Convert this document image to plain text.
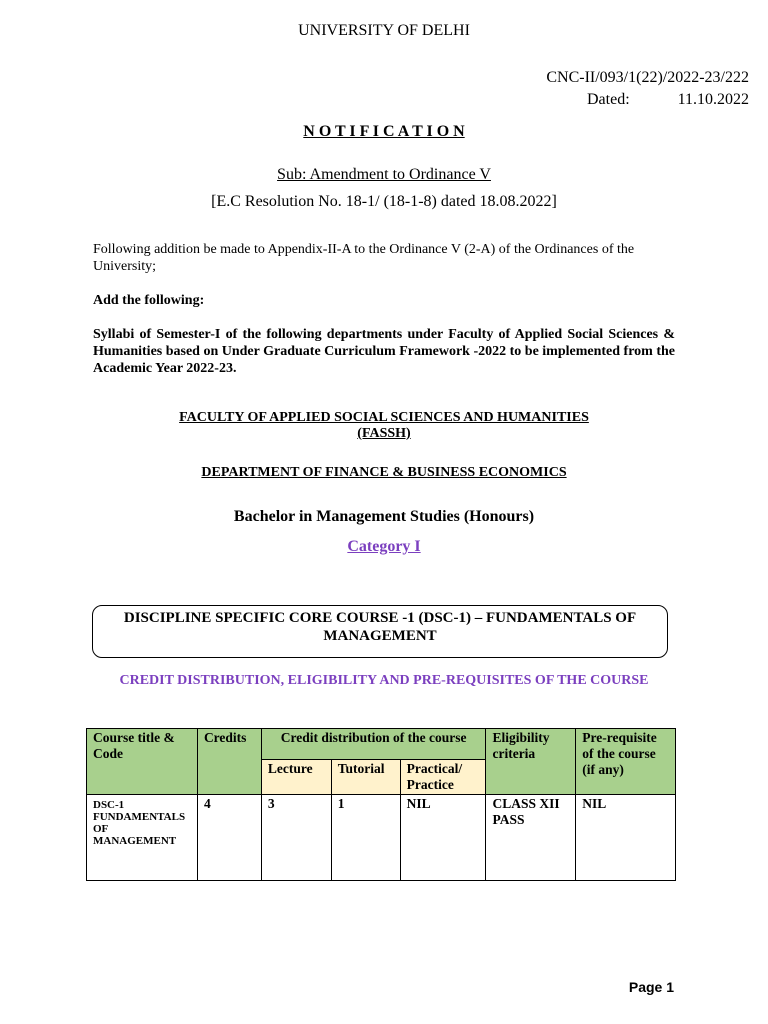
UNIVERSITY OF DELHI
CNC-II/093/1(22)/2022-23/222
Dated:	11.10.2022
N O T I F I C A T I O N
Sub: Amendment to Ordinance V
[E.C Resolution No. 18-1/ (18-1-8) dated 18.08.2022]
Following addition be made to Appendix-II-A to the Ordinance V (2-A) of the Ordinances of the University;
Add the following:
Syllabi of Semester-I of the following departments under Faculty of Applied Social Sciences & Humanities based on Under Graduate Curriculum Framework -2022 to be implemented from the Academic Year 2022-23.
FACULTY OF APPLIED SOCIAL SCIENCES AND HUMANITIES
(FASSH)
DEPARTMENT OF FINANCE & BUSINESS ECONOMICS
Bachelor in Management Studies (Honours)
Category I
DISCIPLINE SPECIFIC CORE COURSE -1 (DSC-1) – FUNDAMENTALS OF MANAGEMENT
CREDIT DISTRIBUTION, ELIGIBILITY AND PRE-REQUISITES OF THE COURSE
Course title & Code	Credits	Credit distribution of the course			Eligibility criteria	Pre-requisite of the course (if any)
		Lecture	Tutorial	Practical/ Practice		
DSC-1 FUNDAMENTALS OF MANAGEMENT	4	3	1	NIL	CLASS XII PASS	NIL
Page 1
